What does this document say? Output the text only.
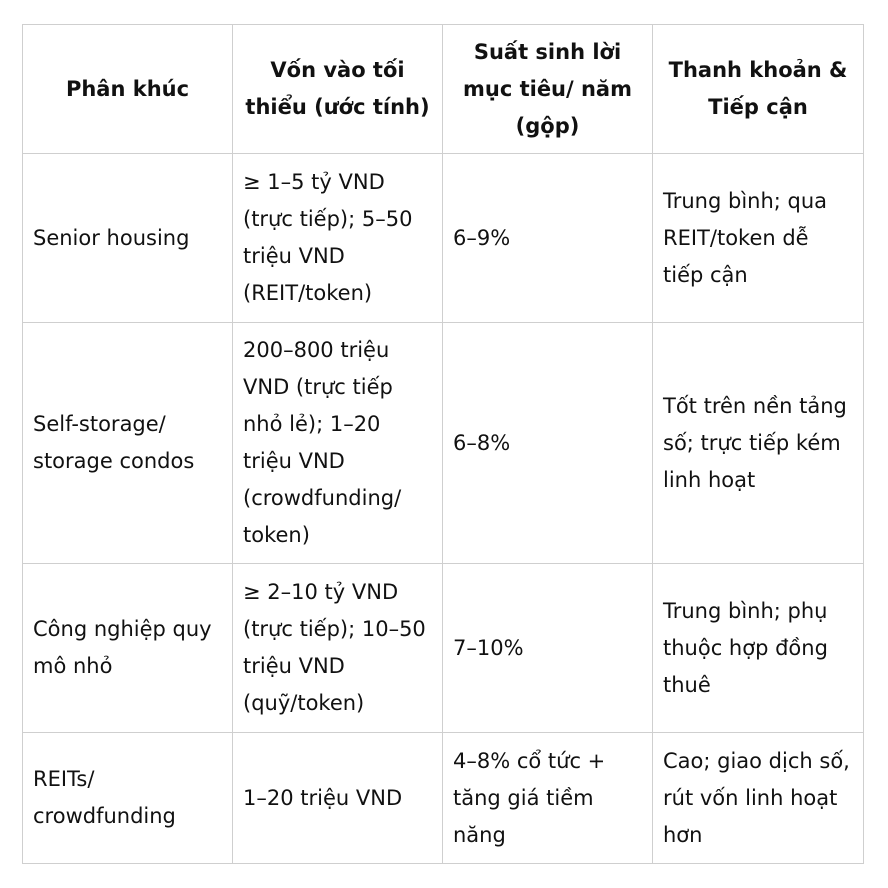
Phân khúc	Vốn vào tối thiểu (ước tính)	Suất sinh lời mục tiêu/ năm (gộp)	Thanh khoản & Tiếp cận
Senior housing	≥ 1–5 tỷ VND (trực tiếp); 5–50 triệu VND (REIT/token)	6–9%	Trung bình; qua REIT/token dễ tiếp cận
Self-storage/ storage condos	200–800 triệu VND (trực tiếp nhỏ lẻ); 1–20 triệu VND (crowdfunding/ token)	6–8%	Tốt trên nền tảng số; trực tiếp kém linh hoạt
Công nghiệp quy mô nhỏ	≥ 2–10 tỷ VND (trực tiếp); 10–50 triệu VND (quỹ/token)	7–10%	Trung bình; phụ thuộc hợp đồng thuê
REITs/ crowdfunding	1–20 triệu VND	4–8% cổ tức + tăng giá tiềm năng	Cao; giao dịch số, rút vốn linh hoạt hơn
